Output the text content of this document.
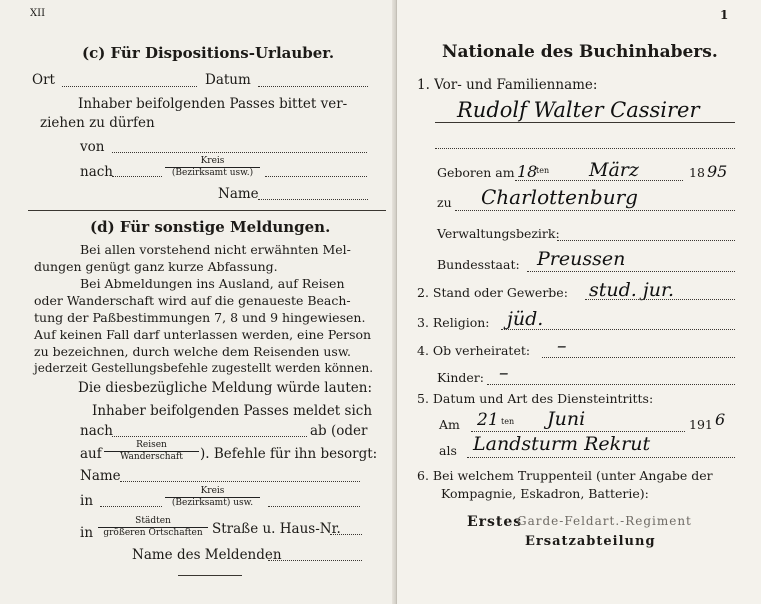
XII
(c) Für Dispositions-Urlauber.
Ort	Datum
Inhaber beifolgenden Passes bittet ver-
ziehen zu dürfen
von
nach
Kreis
(Bezirksamt usw.)
Name
(d) Für sonstige Meldungen.
Bei allen vorstehend nicht erwähnten Mel-
dungen genügt ganz kurze Abfassung.
Bei Abmeldungen ins Ausland, auf Reisen
oder Wanderschaft wird auf die genaueste Beach-
tung der Paßbestimmungen 7, 8 und 9 hingewiesen.
Auf keinen Fall darf unterlassen werden, eine Person
zu bezeichnen, durch welche dem Reisenden usw.
jederzeit Gestellungsbefehle zugestellt werden können.
Die diesbezügliche Meldung würde lauten:
Inhaber beifolgenden Passes meldet sich
nach	ab (oder
auf
Reisen
Wanderschaft	). Befehle für ihn besorgt:
Name
in
Kreis
(Bezirksamt) usw.
in
Städten
größeren Ortschaften Straße u. Haus-Nr.
Name des Meldenden
1
Nationale des Buchinhabers.
1. Vor- und Familienname:
Rudolf Walter Cassirer
Geboren am 18
ten März	18 95
zu Charlottenburg
Verwaltungsbezirk:
Bundesstaat: Preussen
2. Stand oder Gewerbe: stud. jur.
3. Religion: jüd.
4. Ob verheiratet: –
Kinder: –
5. Datum und Art des Diensteintritts:
Am 21 ten Juni	191 6
als Landsturm Rekrut
6. Bei welchem Truppenteil (unter Angabe der
Kompagnie, Eskadron, Batterie):
Erstes
Garde-Feldart.-Regiment
Ersatzabteilung
